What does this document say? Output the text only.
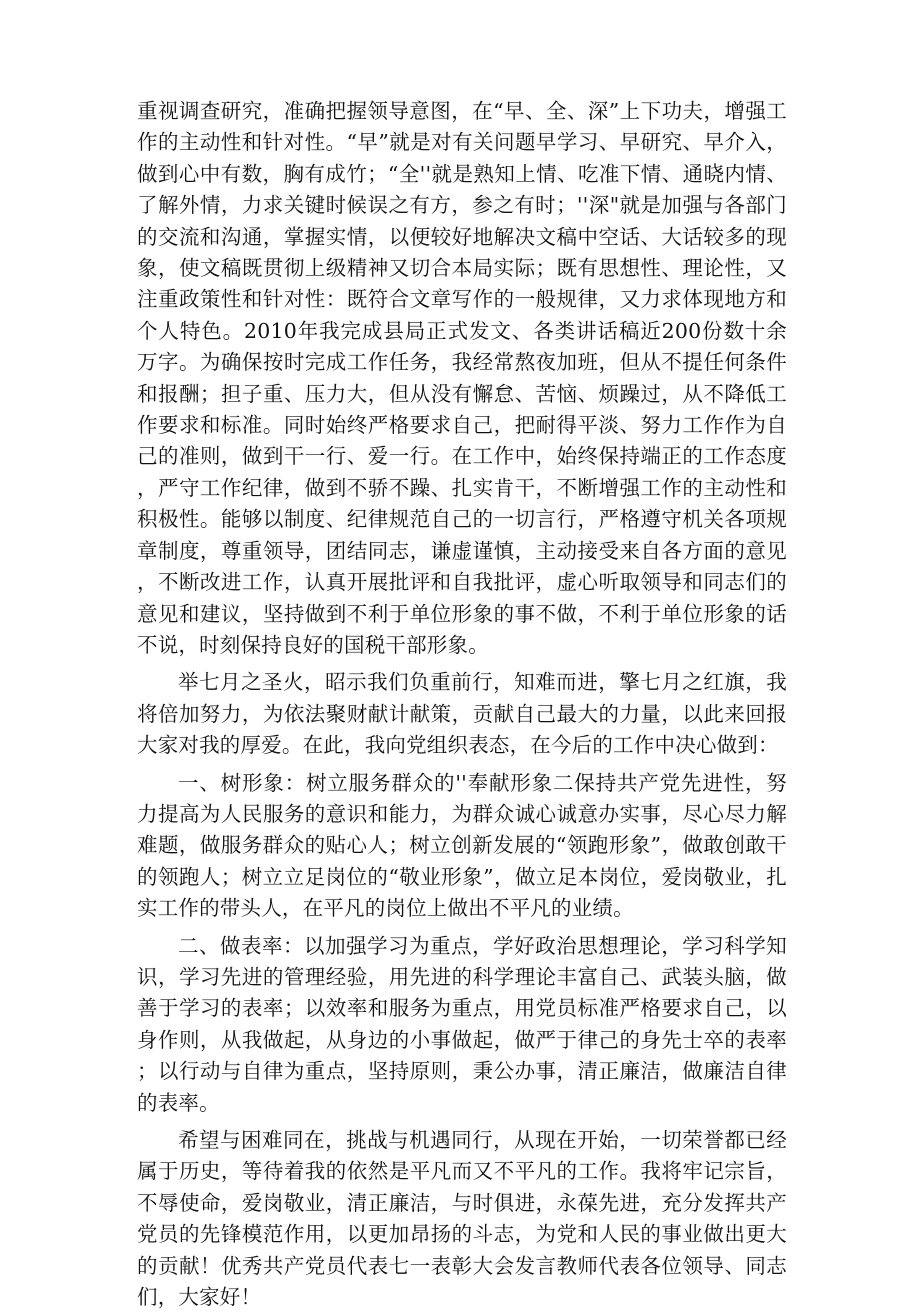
重视调查研究，准确把握领导意图，在“早、全、深”上下功夫，增强工作的主动性和针对性。“早”就是对有关问题早学习、早研究、早介入，做到心中有数，胸有成竹；“全''就是熟知上情、吃准下情、通晓内情、了解外情，力求关键时候误之有方，参之有时；''深"就是加强与各部门的交流和沟通，掌握实情，以便较好地解决文稿中空话、大话较多的现象，使文稿既贯彻上级精神又切合本局实际；既有思想性、理论性，又注重政策性和针对性：既符合文章写作的一般规律，又力求体现地方和个人特色。2010年我完成县局正式发文、各类讲话稿近200份数十余万字。为确保按时完成工作任务，我经常熬夜加班，但从不提任何条件和报酬；担子重、压力大，但从没有懈怠、苦恼、烦躁过，从不降低工作要求和标准。同时始终严格要求自己，把耐得平淡、努力工作作为自己的准则，做到干一行、爱一行。在工作中，始终保持端正的工作态度，严守工作纪律，做到不骄不躁、扎实肯干，不断增强工作的主动性和积极性。能够以制度、纪律规范自己的一切言行，严格遵守机关各项规章制度，尊重领导，团结同志，谦虚谨慎，主动接受来自各方面的意见，不断改进工作，认真开展批评和自我批评，虚心听取领导和同志们的意见和建议，坚持做到不利于单位形象的事不做，不利于单位形象的话不说，时刻保持良好的国税干部形象。

举七月之圣火，昭示我们负重前行，知难而进，擎七月之红旗，我将倍加努力，为依法聚财献计献策，贡献自己最大的力量，以此来回报大家对我的厚爱。在此，我向党组织表态，在今后的工作中决心做到：

一、树形象：树立服务群众的''奉献形象二保持共产党先进性，努力提高为人民服务的意识和能力，为群众诚心诚意办实事，尽心尽力解难题，做服务群众的贴心人；树立创新发展的“领跑形象”，做敢创敢干的领跑人；树立立足岗位的“敬业形象”，做立足本岗位，爱岗敬业，扎实工作的带头人，在平凡的岗位上做出不平凡的业绩。

二、做表率：以加强学习为重点，学好政治思想理论，学习科学知识，学习先进的管理经验，用先进的科学理论丰富自己、武装头脑，做善于学习的表率；以效率和服务为重点，用党员标准严格要求自己，以身作则，从我做起，从身边的小事做起，做严于律己的身先士卒的表率；以行动与自律为重点，坚持原则，秉公办事，清正廉洁，做廉洁自律的表率。

希望与困难同在，挑战与机遇同行，从现在开始，一切荣誉都已经属于历史，等待着我的依然是平凡而又不平凡的工作。我将牢记宗旨，不辱使命，爱岗敬业，清正廉洁，与时俱进，永葆先进，充分发挥共产党员的先锋模范作用，以更加昂扬的斗志，为党和人民的事业做出更大的贡献！优秀共产党员代表七一表彰大会发言教师代表各位领导、同志们，大家好！
